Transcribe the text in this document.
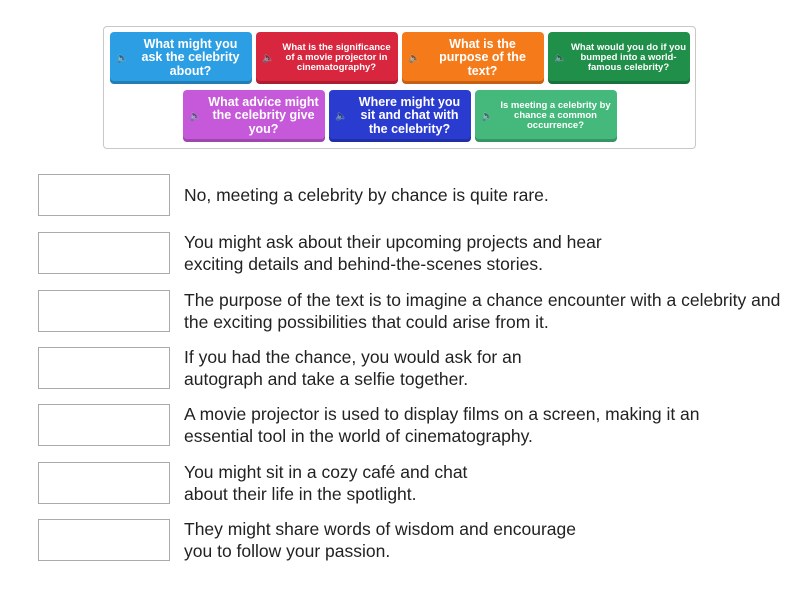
🔈
What might you ask the celebrity about?
🔈
What is the significance of a movie projector in cinematography?
🔈
What is the purpose of the text?
🔈
What would you do if you bumped into a world-famous celebrity?
🔈
What advice might the celebrity give you?
🔈
Where might you sit and chat with the celebrity?
🔈
Is meeting a celebrity by chance a common occurrence?
No, meeting a celebrity by chance is quite rare.
You might ask about their upcoming projects and hear exciting details and behind-the-scenes stories.
The purpose of the text is to imagine a chance encounter with a celebrity and the exciting possibilities that could arise from it.
If you had the chance, you would ask for an autograph and take a selfie together.
A movie projector is used to display films on a screen, making it an essential tool in the world of cinematography.
You might sit in a cozy café and chat about their life in the spotlight.
They might share words of wisdom and encourage you to follow your passion.
